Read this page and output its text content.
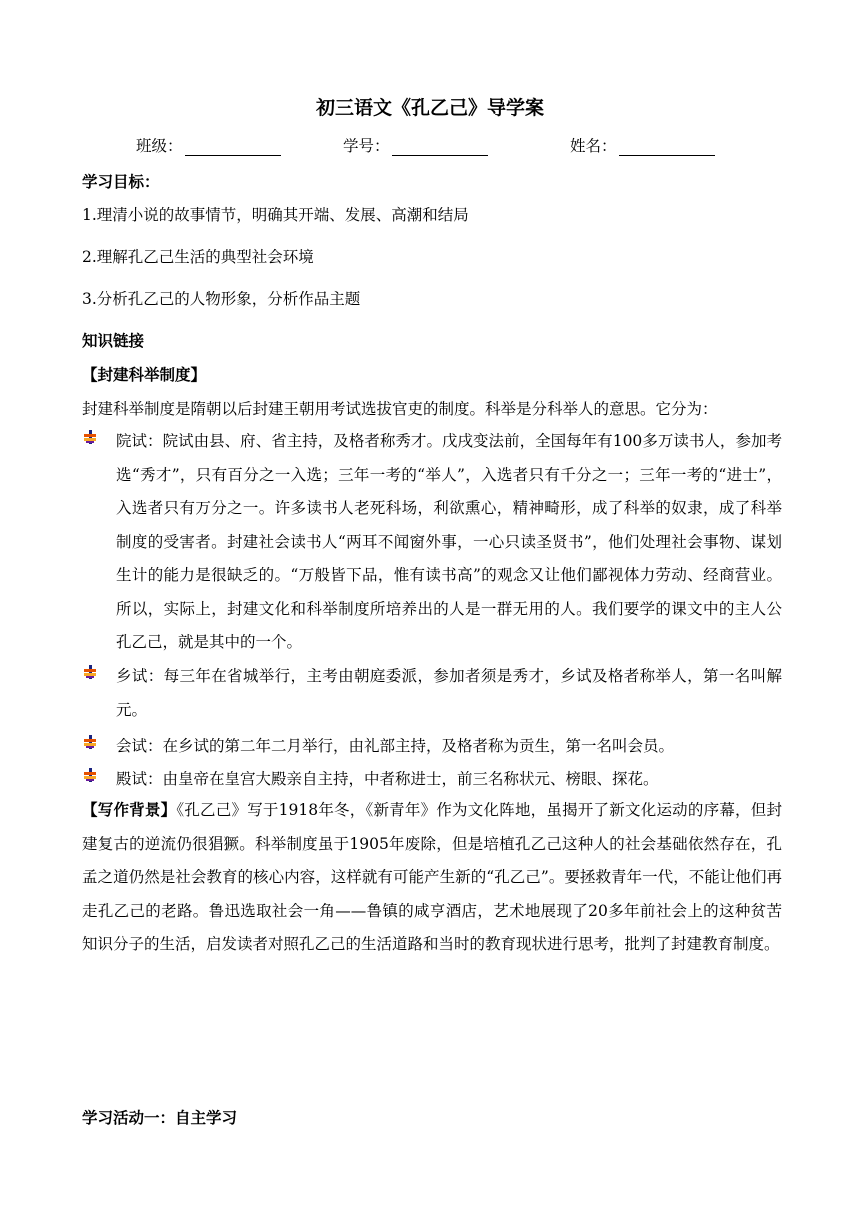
初三语文《孔乙己》导学案
班级：	学号：	姓名：
学习目标：
1.理清小说的故事情节，明确其开端、发展、高潮和结局
2.理解孔乙己生活的典型社会环境
3.分析孔乙己的人物形象，分析作品主题
知识链接
【封建科举制度】
封建科举制度是隋朝以后封建王朝用考试选拔官吏的制度。科举是分科举人的意思。它分为：
院试：院试由县、府、省主持，及格者称秀才。戊戌变法前，全国每年有100多万读书人，参加考选“秀才”，只有百分之一入选；三年一考的“举人”，入选者只有千分之一；三年一考的“进士”，入选者只有万分之一。许多读书人老死科场，利欲熏心，精神畸形，成了科举的奴隶，成了科举制度的受害者。封建社会读书人“两耳不闻窗外事，一心只读圣贤书”，他们处理社会事物、谋划生计的能力是很缺乏的。“万般皆下品，惟有读书高”的观念又让他们鄙视体力劳动、经商营业。所以，实际上，封建文化和科举制度所培养出的人是一群无用的人。我们要学的课文中的主人公孔乙己，就是其中的一个。
乡试：每三年在省城举行，主考由朝庭委派，参加者须是秀才，乡试及格者称举人，第一名叫解元。
会试：在乡试的第二年二月举行，由礼部主持，及格者称为贡生，第一名叫会员。
殿试：由皇帝在皇宫大殿亲自主持，中者称进士，前三名称状元、榜眼、探花。
【写作背景】《孔乙己》写于1918年冬，《新青年》作为文化阵地，虽揭开了新文化运动的序幕，但封建复古的逆流仍很猖獗。科举制度虽于1905年废除，但是培植孔乙己这种人的社会基础依然存在，孔孟之道仍然是社会教育的核心内容，这样就有可能产生新的“孔乙己”。要拯救青年一代，不能让他们再走孔乙己的老路。鲁迅选取社会一角——鲁镇的咸亨酒店，艺术地展现了20多年前社会上的这种贫苦知识分子的生活，启发读者对照孔乙己的生活道路和当时的教育现状进行思考，批判了封建教育制度。
学习活动一：自主学习
